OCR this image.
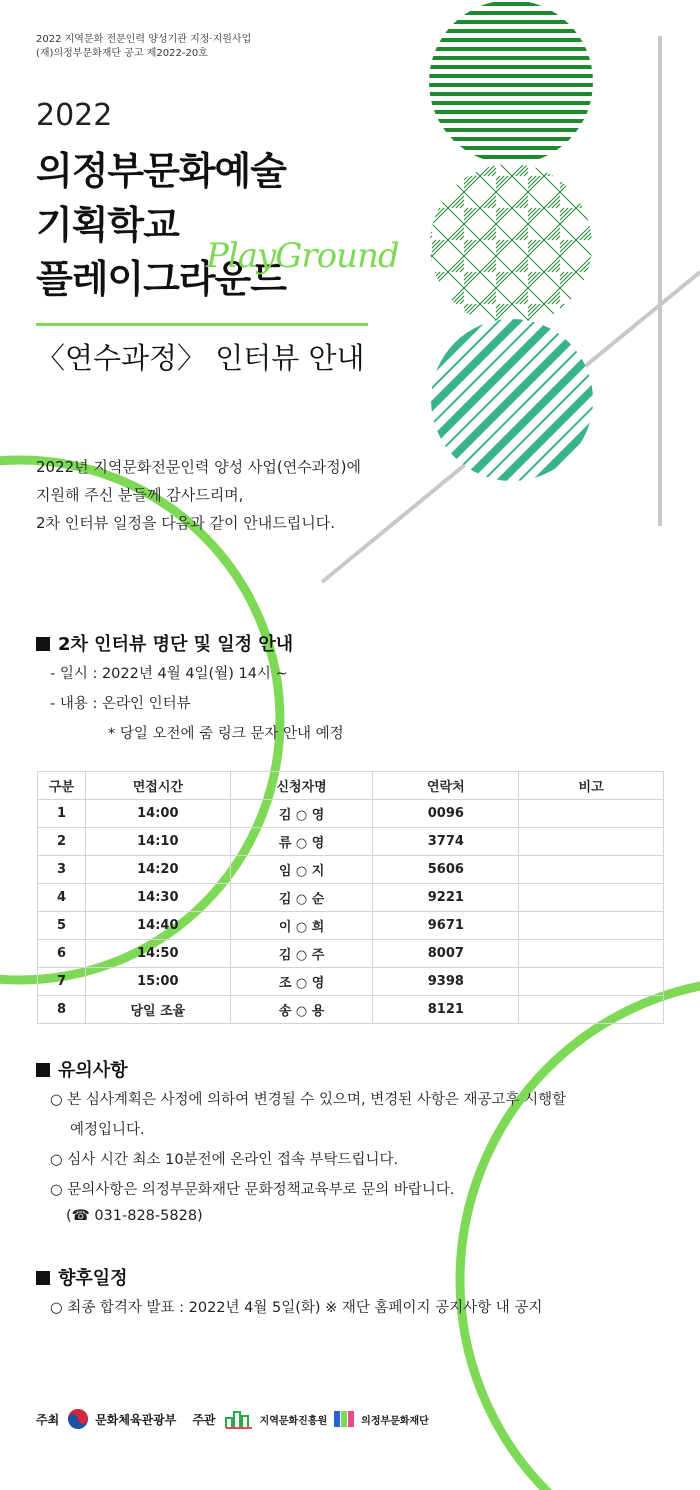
2022 지역문화 전문인력 양성기관 지정·지원사업
(재)의정부문화재단 공고 제2022-20호
2022
의정부문화예술
기획학교
플레이그라운드
PlayGround
〈연수과정〉 인터뷰 안내
2022년 지역문화전문인력 양성 사업(연수과정)에
지원해 주신 분들께 감사드리며,
2차 인터뷰 일정을 다음과 같이 안내드립니다.
2차 인터뷰 명단 및 일정 안내
- 일시 : 2022년 4월 4일(월) 14시 ~
- 내용 : 온라인 인터뷰
* 당일 오전에 줌 링크 문자 안내 예정
구분	면접시간	신청자명	연락처	비고
1	14:00	김 ○ 영	0096	
2	14:10	류 ○ 영	3774	
3	14:20	임 ○ 지	5606	
4	14:30	김 ○ 순	9221	
5	14:40	이 ○ 희	9671	
6	14:50	김 ○ 주	8007	
7	15:00	조 ○ 영	9398	
8	당일 조율	송 ○ 용	8121	
유의사항
○ 본 심사계획은 사정에 의하여 변경될 수 있으며, 변경된 사항은 재공고후 시행할
예정입니다.
○ 심사 시간 최소 10분전에 온라인 접속 부탁드립니다.
○ 문의사항은 의정부문화재단 문화정책교육부로 문의 바랍니다.
(☎ 031-828-5828)
향후일정
○ 최종 합격자 발표 : 2022년 4월 5일(화) ※ 재단 홈페이지 공지사항 내 공지
주최	문화체육관광부 주관	지역문화진흥원	의정부문화재단
